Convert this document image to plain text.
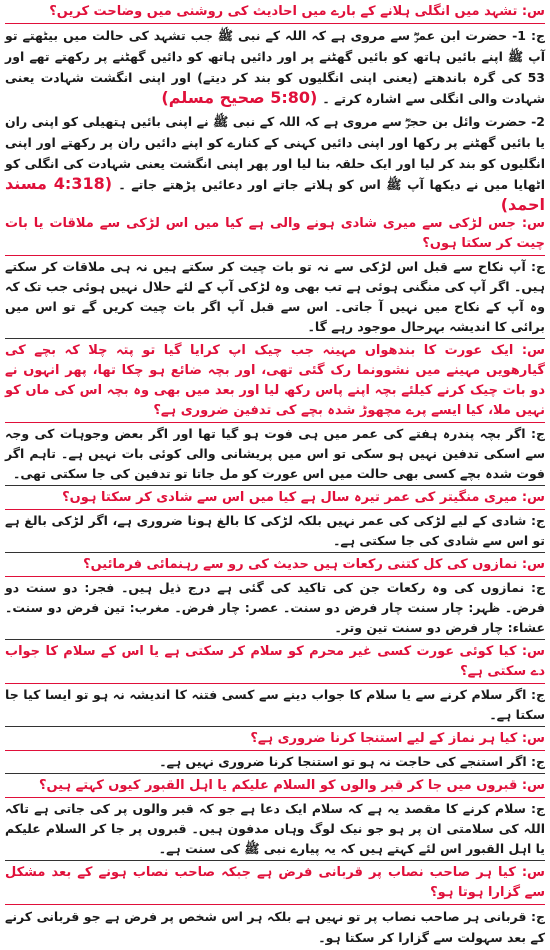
س: تشہد میں انگلی ہلانے کے بارے میں احادیث کی روشنی میں وضاحت کریں؟
ج: 1- حضرت ابن عمرؓ سے مروی ہے کہ اللہ کے نبی ﷺ جب تشہد کی حالت میں بیٹھتے تو آپ ﷺ اپنے بائیں ہاتھ کو بائیں گھٹنے پر اور دائیں ہاتھ کو دائیں گھٹنے پر رکھتے تھے اور 53 کی گرہ باندھتے (یعنی اپنی انگلیوں کو بند کر دیتے) اور اپنی انگشت شہادت یعنی شہادت والی انگلی سے اشارہ کرتے ۔ (5:80 صحیح مسلم)
2- حضرت وائل بن حجرؓ سے مروی ہے کہ اللہ کے نبی ﷺ نے اپنی بائیں ہتھیلی کو اپنی ران یا بائیں گھٹنے پر رکھا اور اپنی دائیں کہنی کے کنارے کو اپنے دائیں ران پر رکھتے اور اپنی انگلیوں کو بند کر لیا اور ایک حلقہ بنا لیا اور پھر اپنی انگشت یعنی شہادت کی انگلی کو اٹھایا میں نے دیکھا آپ ﷺ اس کو ہلاتے جاتے اور دعائیں پڑھتے جاتے ۔ (4:318 مسند احمد)
س: جس لڑکی سے میری شادی ہونے والی ہے کیا میں اس لڑکی سے ملاقات یا بات چیت کر سکتا ہوں؟
ج: آپ نکاح سے قبل اس لڑکی سے نہ تو بات چیت کر سکتے ہیں نہ ہی ملاقات کر سکتے ہیں۔ اگر آپ کی منگنی ہوئی ہے تب بھی وہ لڑکی آپ کے لئے حلال نہیں ہوئی جب تک کہ وہ آپ کے نکاح میں نہیں آ جاتی۔ اس سے قبل آپ اگر بات چیت کریں گے تو اس میں برائی کا اندیشہ بہرحال موجود رہے گا۔
س: ایک عورت کا بندھواں مہینہ جب چیک اپ کرایا گیا تو پتہ چلا کہ بچے کی گیارھویں مہینے میں نشوونما رک گئی تھی، اور بچہ ضائع ہو چکا تھا، پھر انہوں نے دو بات چیک کرنے کیلئے بچہ اپنے پاس رکھ لیا اور بعد میں بھی وہ بچہ اس کی ماں کو نہیں ملا، کیا ایسے پرے مچھوڑ شدہ بچے کی تدفین ضروری ہے؟
ج: اگر بچہ پندرہ ہفتے کی عمر میں ہی فوت ہو گیا تھا اور اگر بعض وجوہات کی وجہ سے اسکی تدفین نہیں ہو سکی تو اس میں پریشانی والی کوئی بات نہیں ہے۔ تاہم اگر فوت شدہ بچے کسی بھی حالت میں اس عورت کو مل جاتا تو تدفین کی جا سکتی تھی۔
س: میری منگیتر کی عمر تیرہ سال ہے کیا میں اس سے شادی کر سکتا ہوں؟
ج: شادی کے لیے لڑکی کی عمر نہیں بلکہ لڑکی کا بالغ ہونا ضروری ہے، اگر لڑکی بالغ ہے تو اس سے شادی کی جا سکتی ہے۔
س: نمازوں کی کل کتنی رکعات ہیں حدیث کی رو سے رہنمائی فرمائیں؟
ج: نمازوں کی وہ رکعات جن کی تاکید کی گئی ہے درج ذیل ہیں۔ فجر: دو سنت دو فرض۔ ظہر: چار سنت چار فرض دو سنت۔ عصر: چار فرض۔ مغرب: تین فرض دو سنت۔ عشاء: چار فرض دو سنت تین وتر۔
س: کیا کوئی عورت کسی غیر محرم کو سلام کر سکتی ہے یا اس کے سلام کا جواب دے سکتی ہے؟
ج: اگر سلام کرنے سے یا سلام کا جواب دینے سے کسی فتنہ کا اندیشہ نہ ہو تو ایسا کیا جا سکتا ہے۔
س: کیا ہر نماز کے لیے استنجا کرنا ضروری ہے؟
ج: اگر استنجے کی حاجت نہ ہو تو استنجا کرنا ضروری نہیں ہے۔
س: قبروں میں جا کر قبر والوں کو السلام علیکم یا اہل القبور کیوں کہتے ہیں؟
ج: سلام کرنے کا مقصد یہ ہے کہ سلام ایک دعا ہے جو کہ قبر والوں پر کی جاتی ہے تاکہ اللہ کی سلامتی ان پر ہو جو نیک لوگ وہاں مدفون ہیں۔ قبروں پر جا کر السلام علیکم یا اہل القبور اس لئے کہتے ہیں کہ یہ پیارے نبی ﷺ کی سنت ہے۔
س: کیا ہر صاحب نصاب پر قربانی فرض ہے جبکہ صاحب نصاب ہونے کے بعد مشکل سے گزارا ہوتا ہو؟
ج: قربانی ہر صاحب نصاب پر تو نہیں ہے بلکہ ہر اس شخص پر فرض ہے جو قربانی کرنے کے بعد سہولت سے گزارا کر سکتا ہو۔
